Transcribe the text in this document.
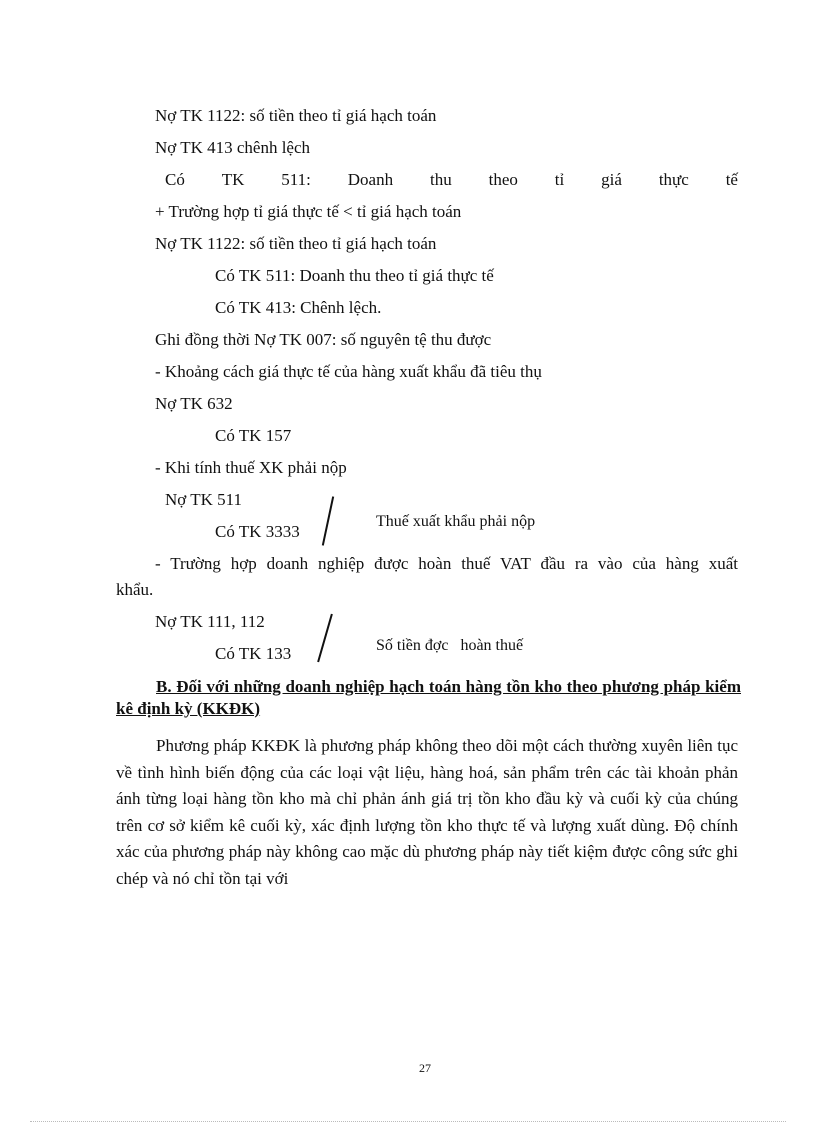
Nợ TK 1122: số tiền theo tỉ giá hạch toán
Nợ TK 413 chênh lệch
Có TK 511: Doanh thu theo tỉ giá thực tế
+ Trường hợp tỉ giá thực tế < tỉ giá hạch toán
Nợ TK 1122: số tiền theo tỉ giá hạch toán
Có TK 511: Doanh thu theo tỉ giá thực tế
Có TK 413: Chênh lệch.
Ghi đồng thời Nợ TK 007: số nguyên tệ thu được
- Khoảng cách giá thực tế của hàng xuất khẩu đã tiêu thụ
Nợ TK 632
Có TK 157
- Khi tính thuế XK phải nộp
Nợ TK 511
Có TK 3333
Thuế xuất khẩu phải nộp
- Trường hợp doanh nghiệp được hoàn thuế VAT đầu ra vào của hàng xuất
khẩu.
Nợ TK 111, 112
Có TK 133	Số tiền đợc   hoàn thuế
B. Đối với những doanh nghiệp hạch toán hàng tồn kho theo phương pháp kiểm kê định kỳ (KKĐK)
Phương pháp KKĐK là phương pháp không theo dõi một cách thường xuyên liên tục về tình hình biến động của các loại vật liệu, hàng hoá, sản phẩm trên các tài khoản phản ánh từng loại hàng tồn kho mà chỉ phản ánh giá trị tồn kho đầu kỳ và cuối kỳ của chúng trên cơ sở kiểm kê cuối kỳ, xác định lượng tồn kho thực tế và lượng xuất dùng. Độ chính xác của phương pháp này không cao mặc dù phương pháp này tiết kiệm được công sức ghi chép và nó chỉ tồn tại với
27
